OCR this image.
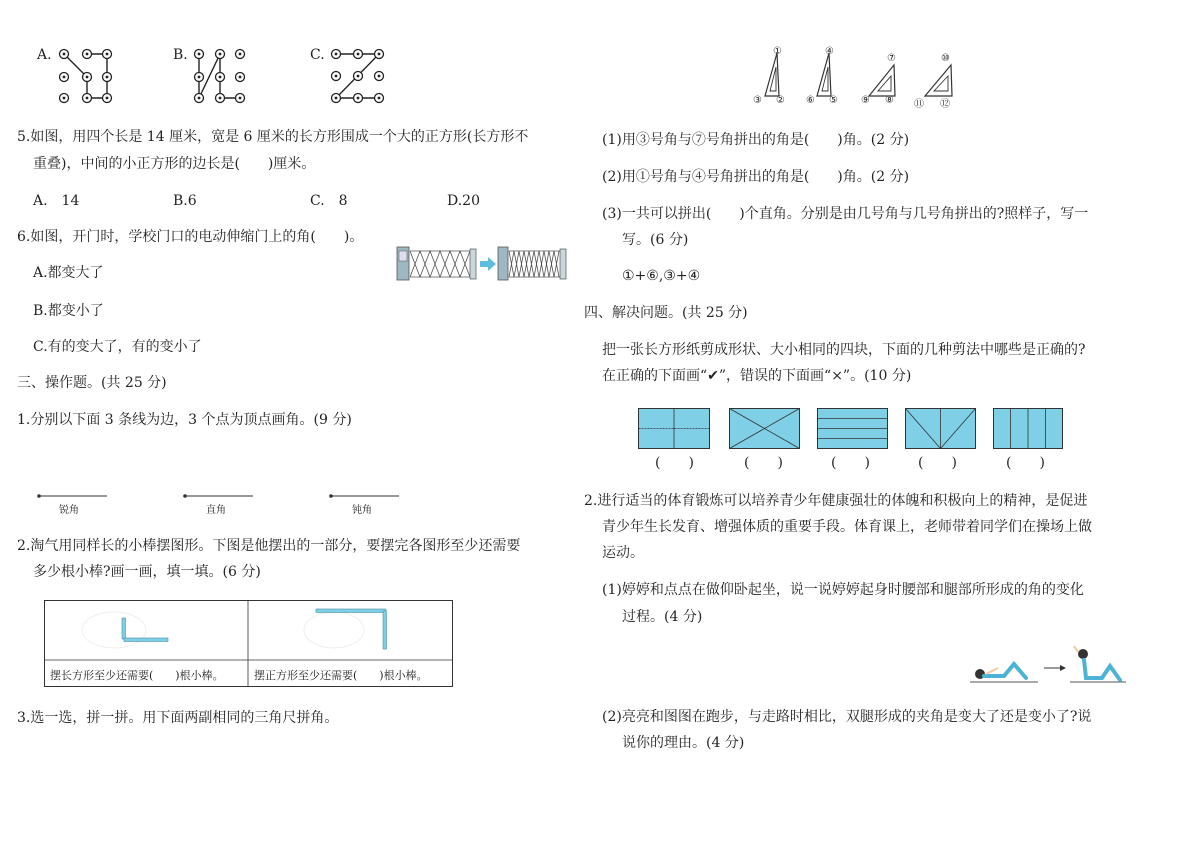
A.	B.	C.
5.如图，用四个长是 14 厘米，宽是 6 厘米的长方形围成一个大的正方形(长方形不
重叠)，中间的小正方形的边长是(　　)厘米。
A.　14	B.6	C.　8	D.20
6.如图，开门时，学校门口的电动伸缩门上的角(　　)。
A.都变大了
B.都变小了
C.有的变大了，有的变小了
三、操作题。(共 25 分)
1.分别以下面 3 条线为边，3 个点为顶点画角。(9 分)
锐角	直角	钝角
2.淘气用同样长的小棒摆图形。下图是他摆出的一部分，要摆完各图形至少还需要
多少根小棒?画一画，填一填。(6 分)
摆长方形至少还需要(　　)根小棒。	摆正方形至少还需要(　　)根小棒。
3.选一选，拼一拼。用下面两副相同的三角尺拼角。
①
②
③
④
⑤
⑥
⑦
⑧
⑨
⑩
⑪ ⑫
(1)用③号角与⑦号角拼出的角是(　　)角。(2 分)
(2)用①号角与④号角拼出的角是(　　)角。(2 分)
(3)一共可以拼出(　　)个直角。分别是由几号角与几号角拼出的?照样子，写一
写。(6 分)
①+⑥,③+④
四、解决问题。(共 25 分)
把一张长方形纸剪成形状、大小相同的四块，下面的几种剪法中哪些是正确的?
在正确的下面画“✔”，错误的下面画“×”。(10 分)
(　　)	(　　)	(　　)	(　　)	(　　)
2.进行适当的体育锻炼可以培养青少年健康强壮的体魄和积极向上的精神，是促进
青少年生长发育、增强体质的重要手段。体育课上，老师带着同学们在操场上做
运动。
(1)婷婷和点点在做仰卧起坐，说一说婷婷起身时腰部和腿部所形成的角的变化
过程。(4 分)
(2)亮亮和图图在跑步，与走路时相比，双腿形成的夹角是变大了还是变小了?说
说你的理由。(4 分)
